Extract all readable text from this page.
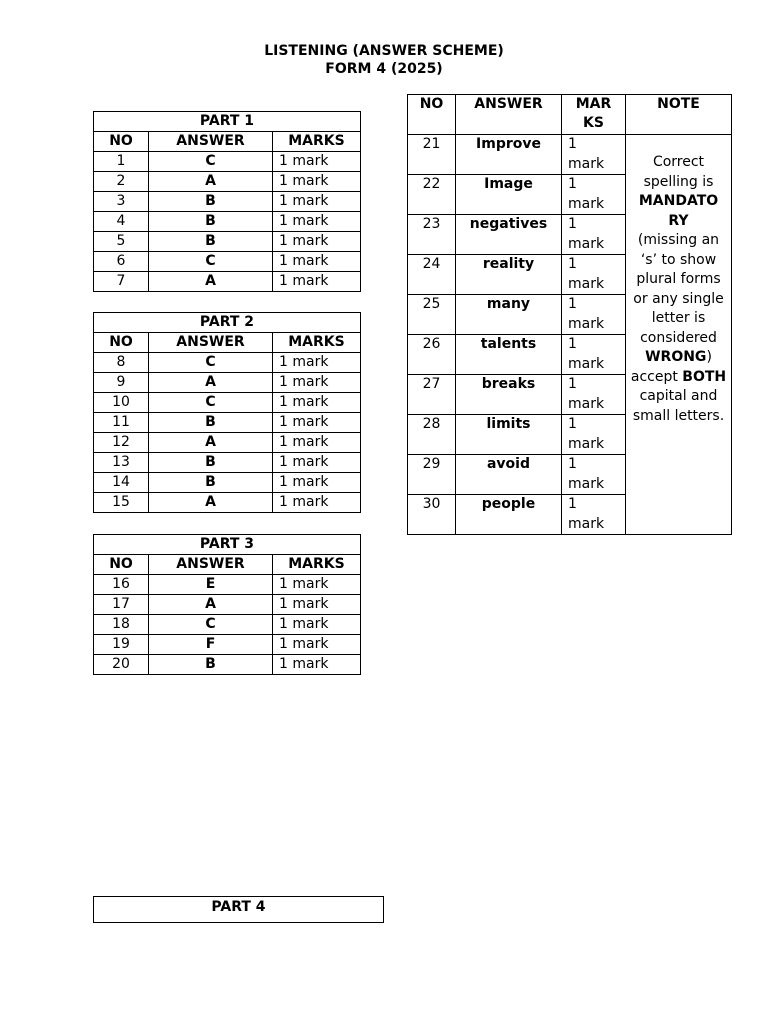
LISTENING (ANSWER SCHEME)
FORM 4 (2025)
PART 1		
NO	ANSWER	MARKS
1	C	1 mark
2	A	1 mark
3	B	1 mark
4	B	1 mark
5	B	1 mark
6	C	1 mark
7	A	1 mark
PART 2		
NO	ANSWER	MARKS
8	C	1 mark
9	A	1 mark
10	C	1 mark
11	B	1 mark
12	A	1 mark
13	B	1 mark
14	B	1 mark
15	A	1 mark
PART 3		
NO	ANSWER	MARKS
16	E	1 mark
17	A	1 mark
18	C	1 mark
19	F	1 mark
20	B	1 mark
NO	ANSWER	MAR KS	NOTE
21	Improve	1 mark	Correct spelling is MANDATORY (missing an ‘s’ to show plural forms or any single letter is considered WRONG) accept BOTH capital and small letters.
22	Image	1 mark	

23	negatives	1 mark	

24	reality	1 mark	

25	many	1 mark	

26	talents	1 mark	

27	breaks	1 mark	

28	limits	1 mark	

29	avoid	1 mark	

30	people	1 mark	
PART 4
